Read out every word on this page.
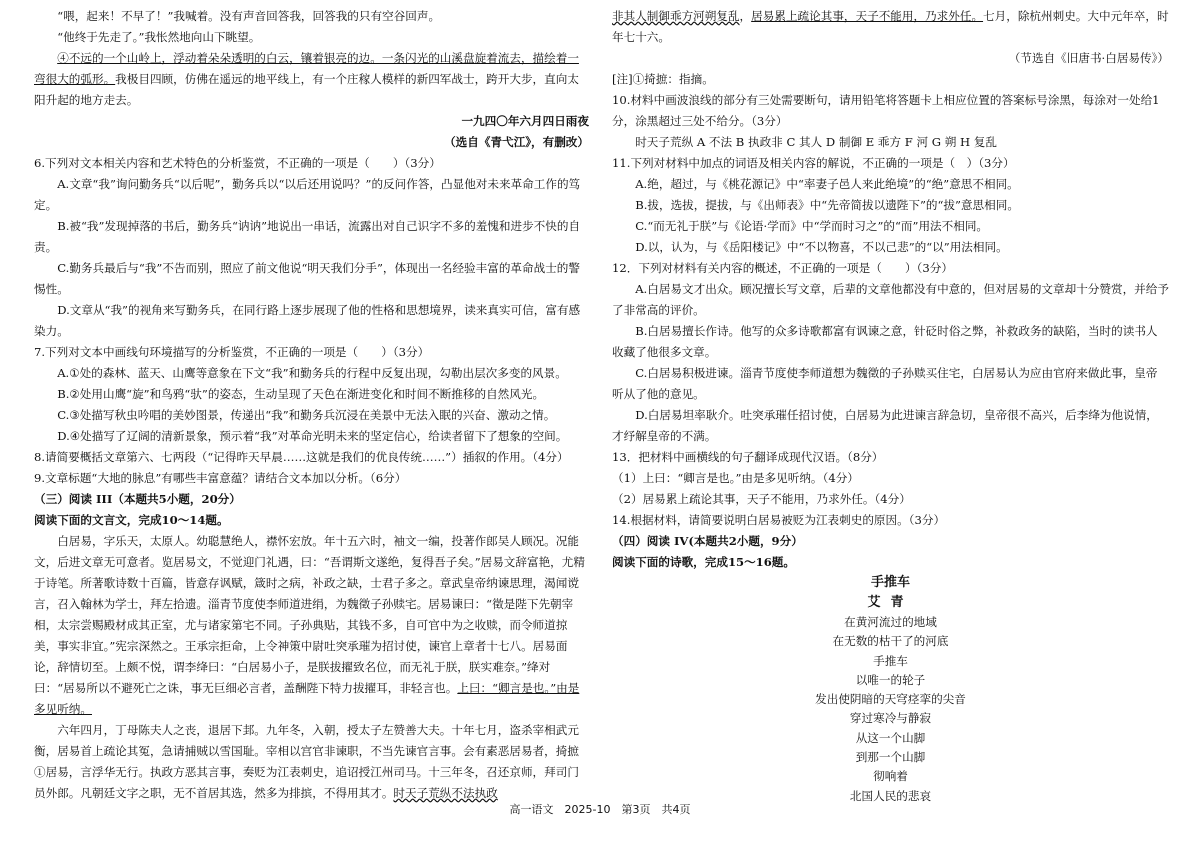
“喂，起来！不早了！”我喊着。没有声音回答我，回答我的只有空谷回声。

“他终于先走了。”我怅然地向山下眺望。

④不远的一个山岭上，浮动着朵朵透明的白云，镶着银亮的边。一条闪光的山溪盘旋着流去，描绘着一弯很大的弧形。我极目四顾，仿佛在遥远的地平线上，有一个庄稼人模样的新四军战士，跨开大步，直向太阳升起的地方走去。

一九四〇年六月四日雨夜

（选自《青弋江》，有删改）

6.下列对文本相关内容和艺术特色的分析鉴赏，不正确的一项是（　　）（3分）

A.文章“我”询问勤务兵“以后呢”，勤务兵以“以后还用说吗？”的反问作答，凸显他对未来革命工作的笃定。

B.被“我”发现掉落的书后，勤务兵“讷讷”地说出一串话，流露出对自己识字不多的羞愧和进步不快的自责。

C.勤务兵最后与“我”不告而别，照应了前文他说“明天我们分手”，体现出一名经验丰富的革命战士的警惕性。

D.文章从“我”的视角来写勤务兵，在同行路上逐步展现了他的性格和思想境界，读来真实可信，富有感染力。

7.下列对文本中画线句环境描写的分析鉴赏，不正确的一项是（　　）（3分）

A.①处的森林、蓝天、山鹰等意象在下文“我”和勤务兵的行程中反复出现，勾勒出层次多变的风景。

B.②处用山鹰“旋”和鸟鸦“驮”的姿态，生动呈现了天色在渐进变化和时间不断推移的自然风光。

C.③处描写秋虫吟唱的美妙图景，传递出“我”和勤务兵沉浸在美景中无法入眠的兴奋、激动之情。

D.④处描写了辽阔的清新景象，预示着“我”对革命光明未来的坚定信心，给读者留下了想象的空间。

8.请简要概括文章第六、七两段（“记得昨天早晨……这就是我们的优良传统……”）插叙的作用。（4分）

9.文章标题“大地的脉息”有哪些丰富意蕴？请结合文本加以分析。（6分）

（三）阅读 III（本题共5小题，20分）

阅读下面的文言文，完成10～14题。

白居易，字乐天，太原人。幼聪慧绝人，襟怀宏放。年十五六时，袖文一编，投著作郎吴人顾况。况能文，后进文章无可意者。览居易文，不觉迎门礼遇，曰：“吾谓斯文遂绝，复得吾子矣。”居易文辞富艳，尤精于诗笔。所著歌诗数十百篇，皆意存讽赋，箴时之病，补政之缺，士君子多之。章武皇帝纳谏思理，渴闻谠言，召入翰林为学士，拜左拾遗。淄青节度使李师道进绢，为魏徵子孙赎宅。居易谏曰：“徵是陛下先朝宰相，太宗尝赐殿材成其正室，尤与诸家第宅不同。子孙典贴，其钱不多，自可官中为之收赎，而令师道掠美，事实非宜。”宪宗深然之。王承宗拒命，上令神策中尉吐突承璀为招讨使，谏官上章者十七八。居易面论，辞情切至。上颇不悦，谓李绛曰：“白居易小子，是朕拔擢致名位，而无礼于朕，朕实难奈。”绛对曰：“居易所以不避死亡之诛，事无巨细必言者，盖酬陛下特力拔擢耳，非轻言也。上曰：“卿言是也。”由是多见听纳。

六年四月，丁母陈夫人之丧，退居下邽。九年冬，入朝，授太子左赞善大夫。十年七月，盗杀宰相武元衡，居易首上疏论其冤，急请捕贼以雪国耻。宰相以宫官非谏职，不当先谏官言事。会有素恶居易者，掎摭①居易，言浮华无行。执政方恶其言事，奏贬为江表刺史，追诏授江州司马。十三年冬，召还京师，拜司门员外郎。凡朝廷文字之职，无不首居其选，然多为排摈，不得用其才。时天子荒纵不法执政

非其人制御乖方河朔复乱，居易累上疏论其事，天子不能用，乃求外任。七月，除杭州刺史。大中元年卒，时年七十六。

（节选自《旧唐书·白居易传》）

[注]①掎摭：指摘。

10.材料中画波浪线的部分有三处需要断句，请用铅笔将答题卡上相应位置的答案标号涂黑，每涂对一处给1分，涂黑超过三处不给分。（3分）

时天子荒纵 A 不法 B 执政非 C 其人 D 制御 E 乖方 F 河 G 朔 H 复乱

11.下列对材料中加点的词语及相关内容的解说，不正确的一项是（　）（3分）

A.绝，超过，与《桃花源记》中“率妻子邑人来此绝境”的“绝”意思不相同。

B.拔，选拔，提拔，与《出师表》中“先帝简拔以遗陛下”的“拔”意思相同。

C.“而无礼于朕”与《论语·学而》中“学而时习之”的“而”用法不相同。

D.以，认为，与《岳阳楼记》中“不以物喜，不以己悲”的“以”用法相同。

12．下列对材料有关内容的概述，不正确的一项是（　　）（3分）

A.白居易文才出众。顾况擅长写文章，后辈的文章他都没有中意的，但对居易的文章却十分赞赏，并给予了非常高的评价。

B.白居易擅长作诗。他写的众多诗歌都富有讽谏之意，针砭时俗之弊，补救政务的缺陷，当时的读书人收藏了他很多文章。

C.白居易积极进谏。淄青节度使李师道想为魏徵的子孙赎买住宅，白居易认为应由官府来做此事，皇帝听从了他的意见。

D.白居易坦率耿介。吐突承璀任招讨使，白居易为此进谏言辞急切，皇帝很不高兴，后李绛为他说情，才纾解皇帝的不满。

13．把材料中画横线的句子翻译成现代汉语。（8分）

（1）上曰：“卿言是也。”由是多见听纳。（4分）

（2）居易累上疏论其事，天子不能用，乃求外任。（4分）

14.根据材料，请简要说明白居易被贬为江表刺史的原因。（3分）

（四）阅读 IV(本题共2小题，9分）

阅读下面的诗歌，完成15～16题。

手推车

艾青

在黄河流过的地域

在无数的枯干了的河底

手推车

以唯一的轮子

发出使阴暗的天穹痉挛的尖音

穿过寒冷与静寂

从这一个山脚

到那一个山脚

彻响着

北国人民的悲哀

高一语文　2025-10　第3页　共4页
